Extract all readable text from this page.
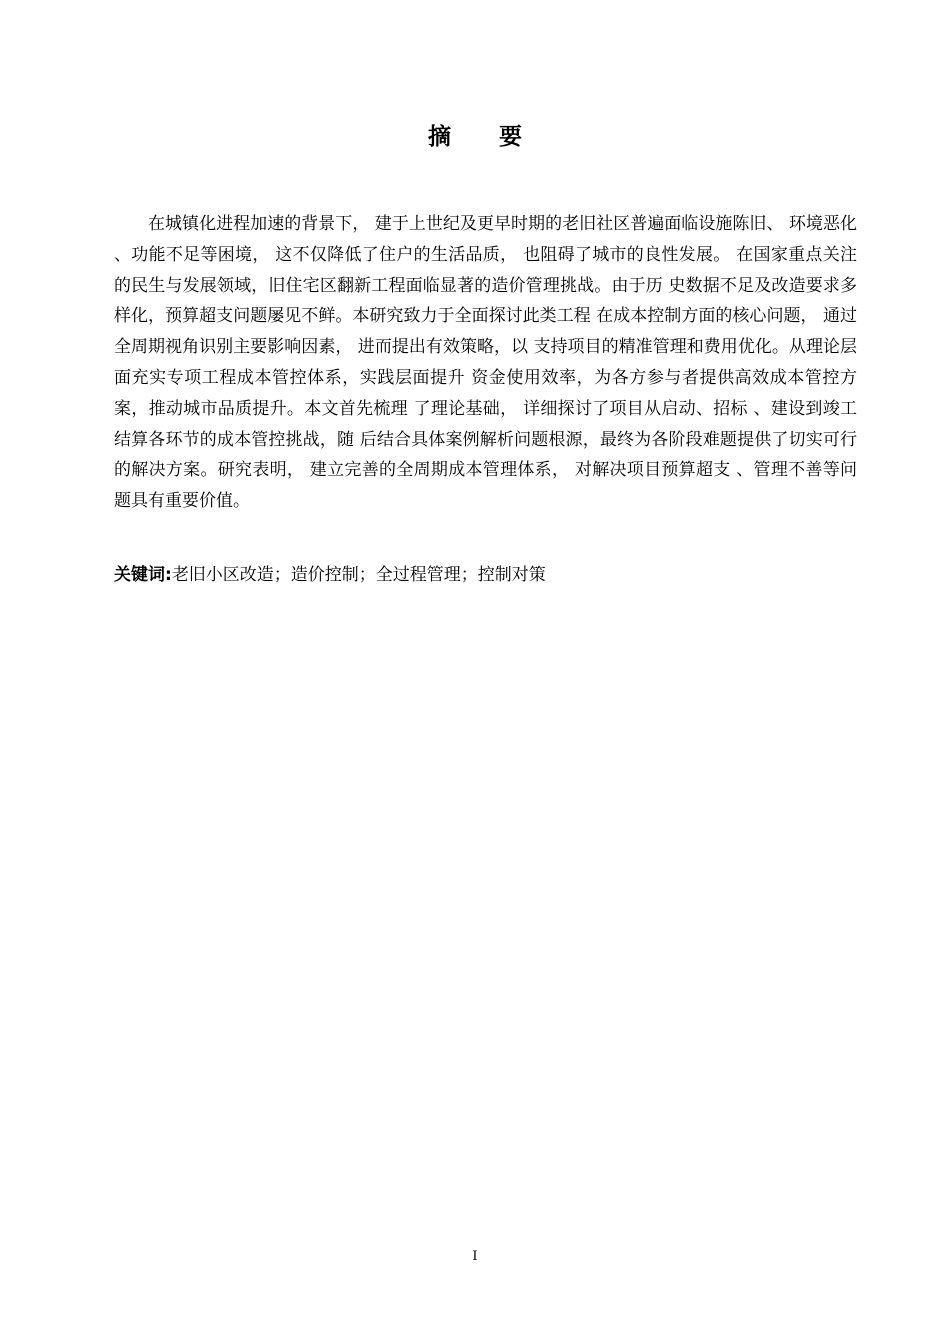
摘 要

在城镇化进程加速的背景下， 建于上世纪及更早时期的老旧社区普遍面临设施陈旧、 环境恶化 、功能不足等困境， 这不仅降低了住户的生活品质， 也阻碍了城市的良性发展。 在国家重点关注的民生与发展领域，旧住宅区翻新工程面临显著的造价管理挑战。由于历 史数据不足及改造要求多样化，预算超支问题屡见不鲜。本研究致力于全面探讨此类工程 在成本控制方面的核心问题， 通过全周期视角识别主要影响因素， 进而提出有效策略，以 支持项目的精准管理和费用优化。从理论层面充实专项工程成本管控体系，实践层面提升 资金使用效率，为各方参与者提供高效成本管控方案，推动城市品质提升。本文首先梳理 了理论基础， 详细探讨了项目从启动、招标 、建设到竣工结算各环节的成本管控挑战，随 后结合具体案例解析问题根源，最终为各阶段难题提供了切实可行的解决方案。研究表明， 建立完善的全周期成本管理体系， 对解决项目预算超支 、管理不善等问题具有重要价值。

关键词:老旧小区改造；造价控制；全过程管理；控制对策
I
